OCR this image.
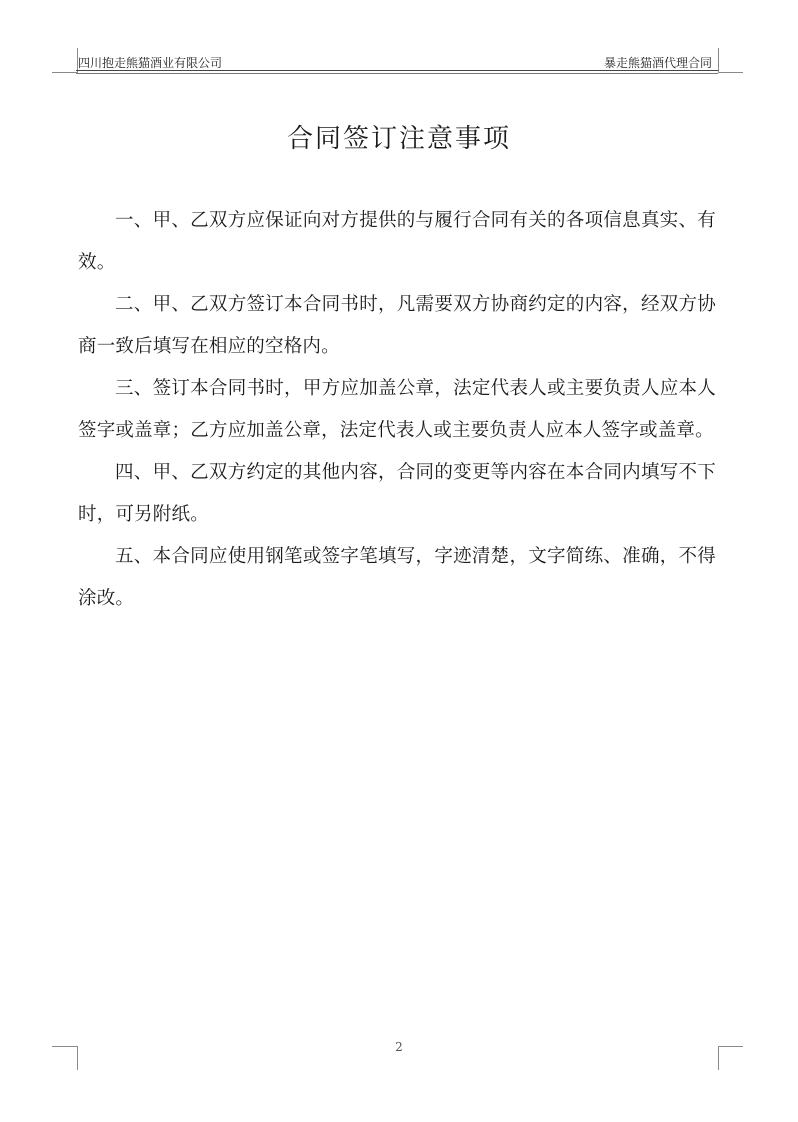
四川抱走熊猫酒业有限公司	暴走熊猫酒代理合同
合同签订注意事项

一、甲、乙双方应保证向对方提供的与履行合同有关的各项信息真实、有效。

二、甲、乙双方签订本合同书时，凡需要双方协商约定的内容，经双方协商一致后填写在相应的空格内。

三、签订本合同书时，甲方应加盖公章，法定代表人或主要负责人应本人签字或盖章；乙方应加盖公章，法定代表人或主要负责人应本人签字或盖章。

四、甲、乙双方约定的其他内容，合同的变更等内容在本合同内填写不下时，可另附纸。

五、本合同应使用钢笔或签字笔填写，字迹清楚，文字简练、准确，不得涂改。

2
